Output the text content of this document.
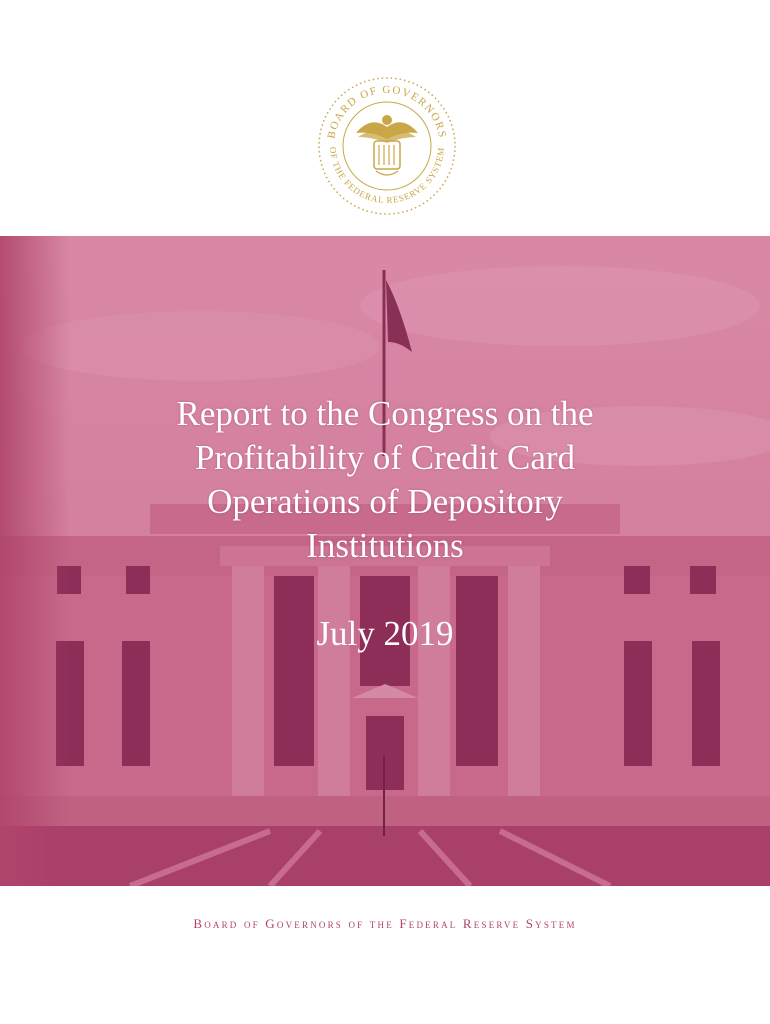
BOARD OF GOVERNORS
OF THE FEDERAL RESERVE SYSTEM
Report to the Congress on the
Profitability of Credit Card
Operations of Depository
Institutions
July 2019
Board of Governors of the Federal Reserve System
